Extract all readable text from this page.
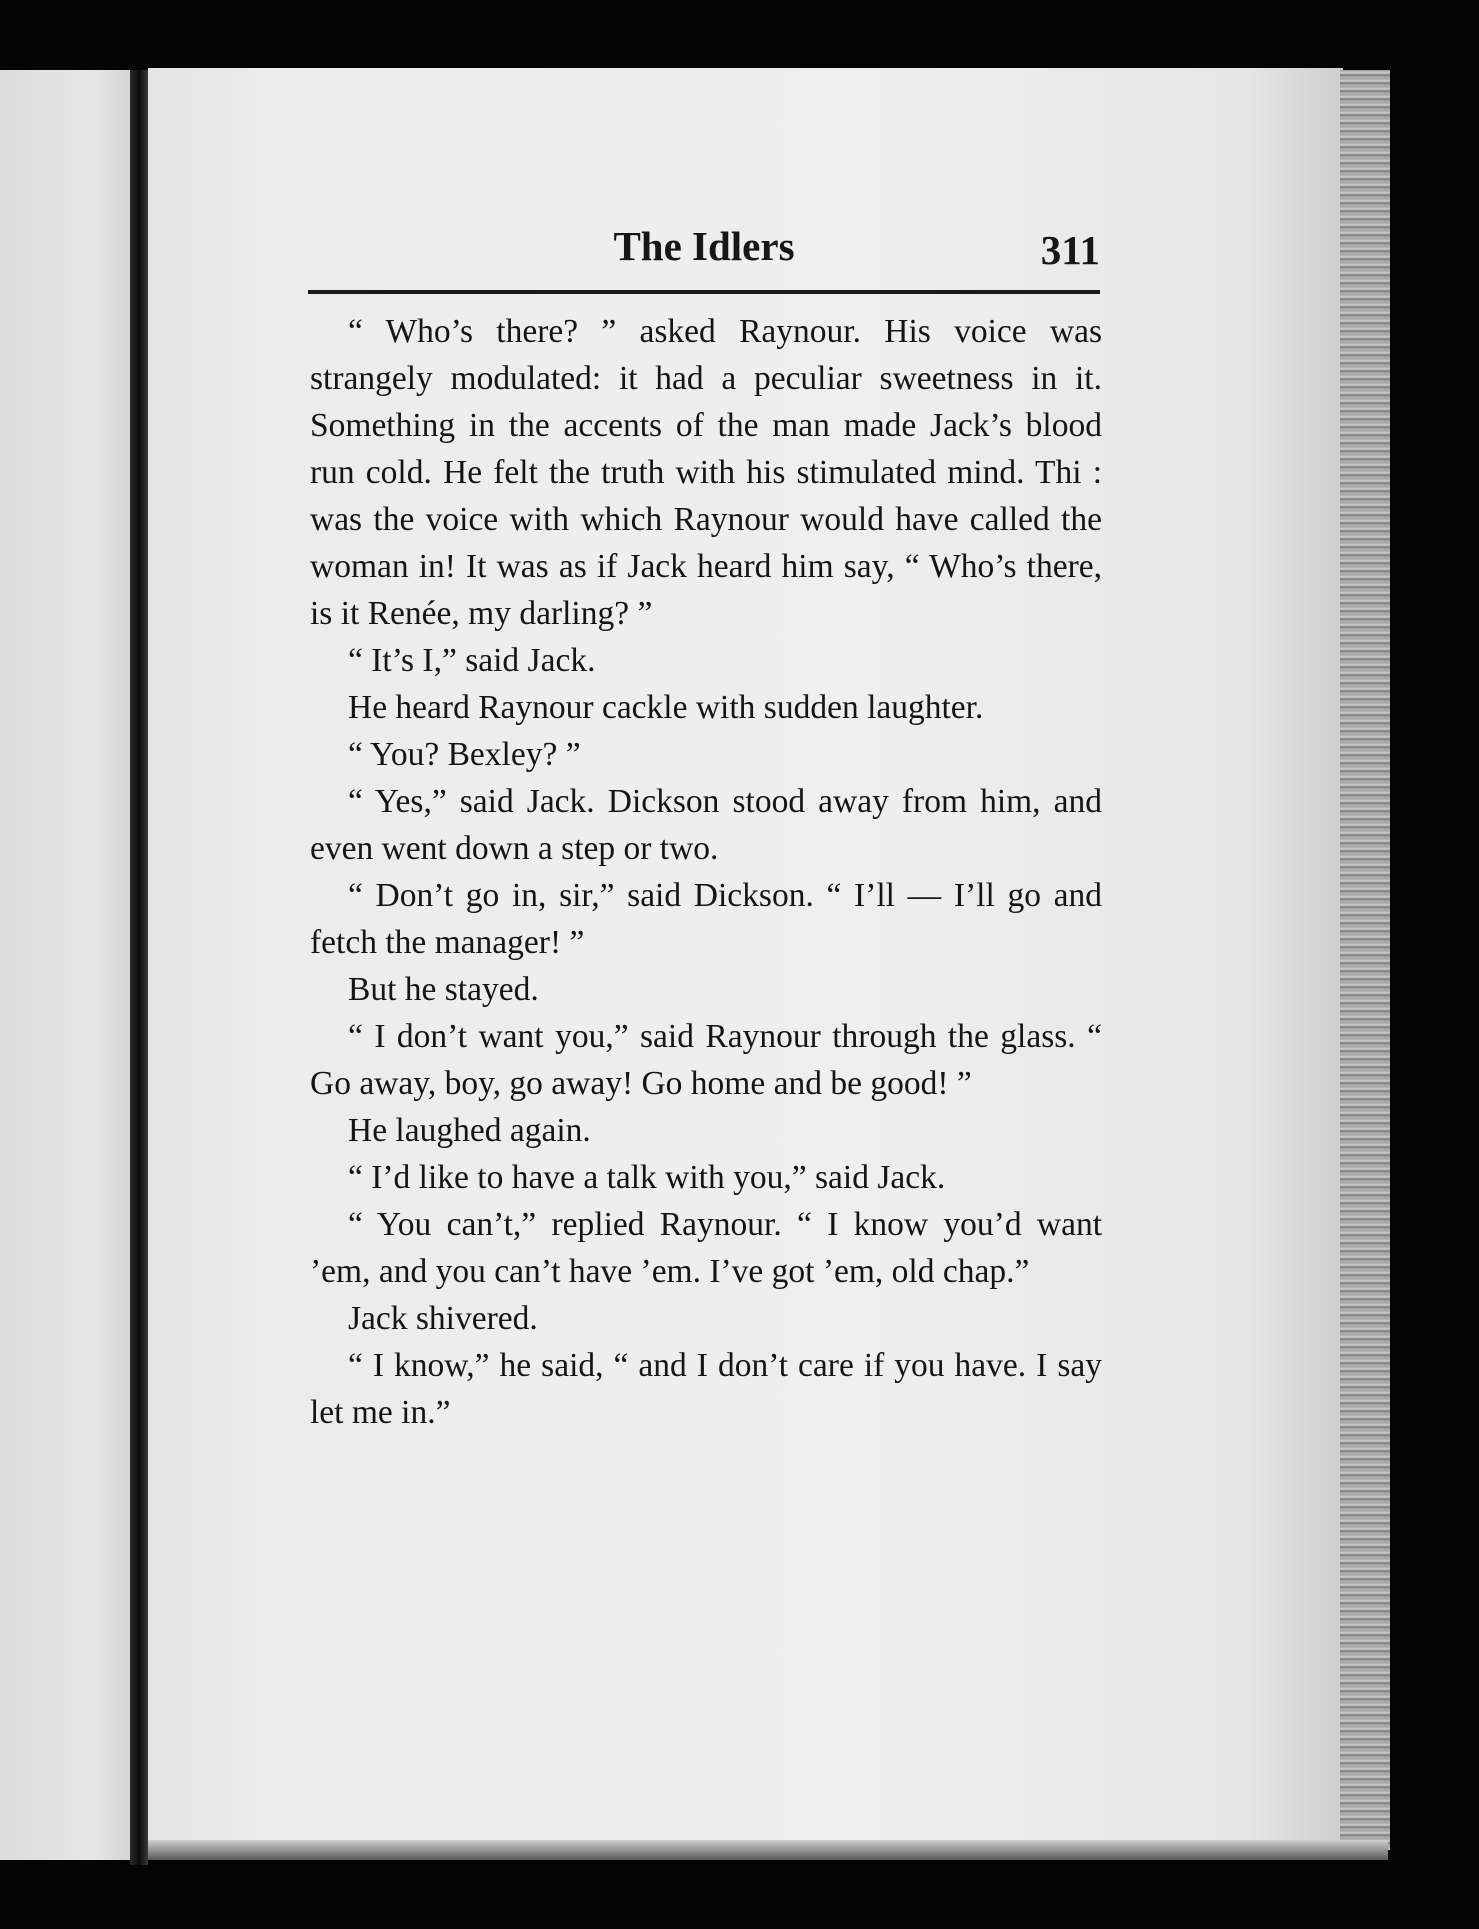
The Idlers	311

“ Who’s there? ” asked Raynour. His voice was strangely modulated: it had a peculiar sweetness in it. Something in the accents of the man made Jack’s blood run cold. He felt the truth with his stimulated mind. Thi : was the voice with which Raynour would have called the woman in! It was as if Jack heard him say, “ Who’s there, is it Renée, my darling? ”

“ It’s I,” said Jack.

He heard Raynour cackle with sudden laughter.

“ You? Bexley? ”

“ Yes,” said Jack. Dickson stood away from him, and even went down a step or two.

“ Don’t go in, sir,” said Dickson. “ I’ll — I’ll go and fetch the manager! ”

But he stayed.

“ I don’t want you,” said Raynour through the glass. “ Go away, boy, go away! Go home and be good! ”

He laughed again.

“ I’d like to have a talk with you,” said Jack.

“ You can’t,” replied Raynour. “ I know you’d want ’em, and you can’t have ’em. I’ve got ’em, old chap.”

Jack shivered.

“ I know,” he said, “ and I don’t care if you have. I say let me in.”
